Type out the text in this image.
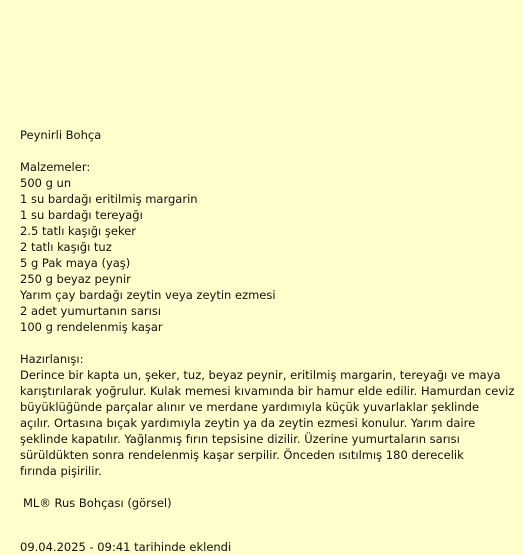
Peynirli Bohça

Malzemeler:

500 g un

1 su bardağı eritilmiş margarin

1 su bardağı tereyağı

2.5 tatlı kaşığı şeker

2 tatlı kaşığı tuz

5 g Pak maya (yaş)

250 g beyaz peynir

Yarım çay bardağı zeytin veya zeytin ezmesi

2 adet yumurtanın sarısı

100 g rendelenmiş kaşar

Hazırlanışı:

Derince bir kapta un, şeker, tuz, beyaz peynir, eritilmiş margarin, tereyağı ve maya
karıştırılarak yoğrulur. Kulak memesi kıvamında bir hamur elde edilir. Hamurdan ceviz
büyüklüğünde parçalar alınır ve merdane yardımıyla küçük yuvarlaklar şeklinde
açılır. Ortasına bıçak yardımıyla zeytin ya da zeytin ezmesi konulur. Yarım daire
şeklinde kapatılır. Yağlanmış fırın tepsisine dizilir. Üzerine yumurtaların sarısı
sürüldükten sonra rendelenmiş kaşar serpilir. Önceden ısıtılmış 180 derecelik
fırında pişirilir.

ML® Rus Bohçası (görsel)

09.04.2025 - 09:41 tarihinde eklendi
